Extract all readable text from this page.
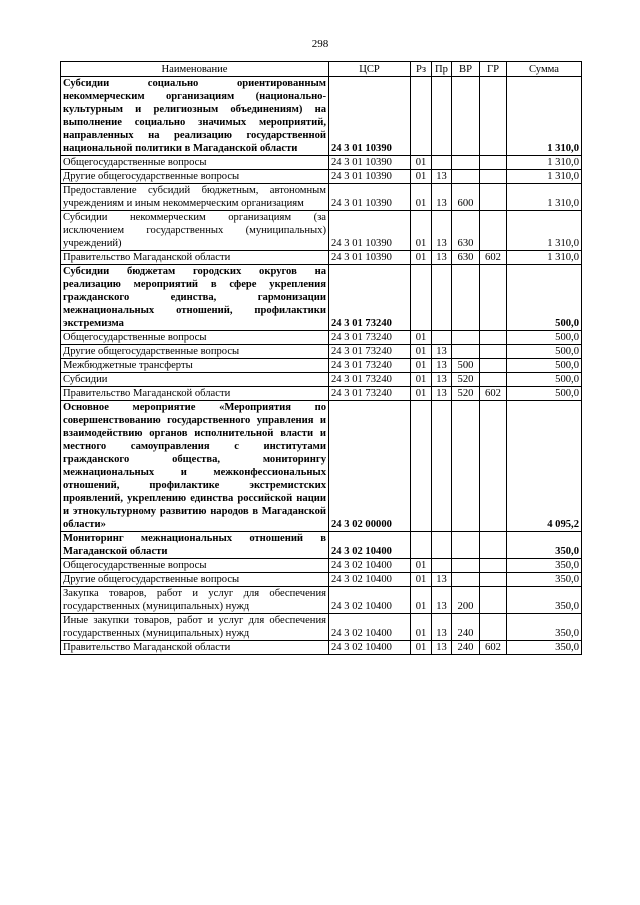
298
Наименование	ЦСР	Рз	Пр	ВР	ГР	Сумма
Субсидии социально ориентированным некоммерческим организациям (национально-культурным и религиозным объединениям) на выполнение социально значимых мероприятий, направленных на реализацию государственной национальной политики в Магаданской области	24 3 01 10390					1 310,0
Общегосударственные вопросы	24 3 01 10390	01				1 310,0
Другие общегосударственные вопросы	24 3 01 10390	01	13			1 310,0
Предоставление субсидий бюджетным, автономным учреждениям и иным некоммерческим организациям	24 3 01 10390	01	13	600		1 310,0
Субсидии некоммерческим организациям (за исключением государственных (муниципальных) учреждений)	24 3 01 10390	01	13	630		1 310,0
Правительство Магаданской области	24 3 01 10390	01	13	630	602	1 310,0
Субсидии бюджетам городских округов на реализацию мероприятий в сфере укрепления гражданского единства, гармонизации межнациональных отношений, профилактики экстремизма	24 3 01 73240					500,0
Общегосударственные вопросы	24 3 01 73240	01				500,0
Другие общегосударственные вопросы	24 3 01 73240	01	13			500,0
Межбюджетные трансферты	24 3 01 73240	01	13	500		500,0
Субсидии	24 3 01 73240	01	13	520		500,0
Правительство Магаданской области	24 3 01 73240	01	13	520	602	500,0
Основное мероприятие «Мероприятия по совершенствованию государственного управления и взаимодействию органов исполнительной власти и местного самоуправления с институтами гражданского общества, мониторингу межнациональных и межконфессиональных отношений, профилактике экстремистских проявлений, укреплению единства российской нации и этнокультурному развитию народов в Магаданской области»	24 3 02 00000					4 095,2
Мониторинг межнациональных отношений в Магаданской области	24 3 02 10400					350,0
Общегосударственные вопросы	24 3 02 10400	01				350,0
Другие общегосударственные вопросы	24 3 02 10400	01	13			350,0
Закупка товаров, работ и услуг для обеспечения государственных (муниципальных) нужд	24 3 02 10400	01	13	200		350,0
Иные закупки товаров, работ и услуг для обеспечения государственных (муниципальных) нужд	24 3 02 10400	01	13	240		350,0
Правительство Магаданской области	24 3 02 10400	01	13	240	602	350,0
